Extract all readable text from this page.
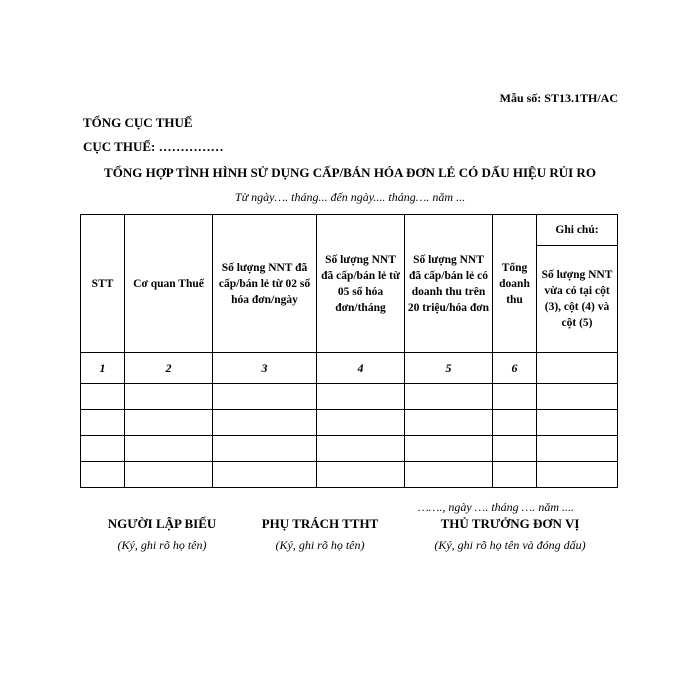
Mẫu số: ST13.1TH/AC
TỔNG CỤC THUẾ
CỤC THUẾ: ……………
TỔNG HỢP TÌNH HÌNH SỬ DỤNG CẤP/BÁN HÓA ĐƠN LẺ CÓ DẤU HIỆU RỦI RO
Từ ngày…. tháng... đến ngày.... tháng…. năm ...
STT	Cơ quan Thuế	Số lượng NNT đã cấp/bán lẻ từ 02 số hóa đơn/ngày	Số lượng NNT đã cấp/bán lẻ từ 05 số hóa đơn/tháng	Số lượng NNT đã cấp/bán lẻ có doanh thu trên 20 triệu/hóa đơn	Tổng doanh thu	Ghi chú:
						Số lượng NNT vừa có tại cột (3), cột (4) và cột (5)
1	2	3	4	5	6	

……., ngày …. tháng …. năm ....
NGƯỜI LẬP BIỂU
(Ký, ghi rõ họ tên)
PHỤ TRÁCH TTHT
(Ký, ghi rõ họ tên)
THỦ TRƯỞNG ĐƠN VỊ
(Ký, ghi rõ họ tên và đóng dấu)
